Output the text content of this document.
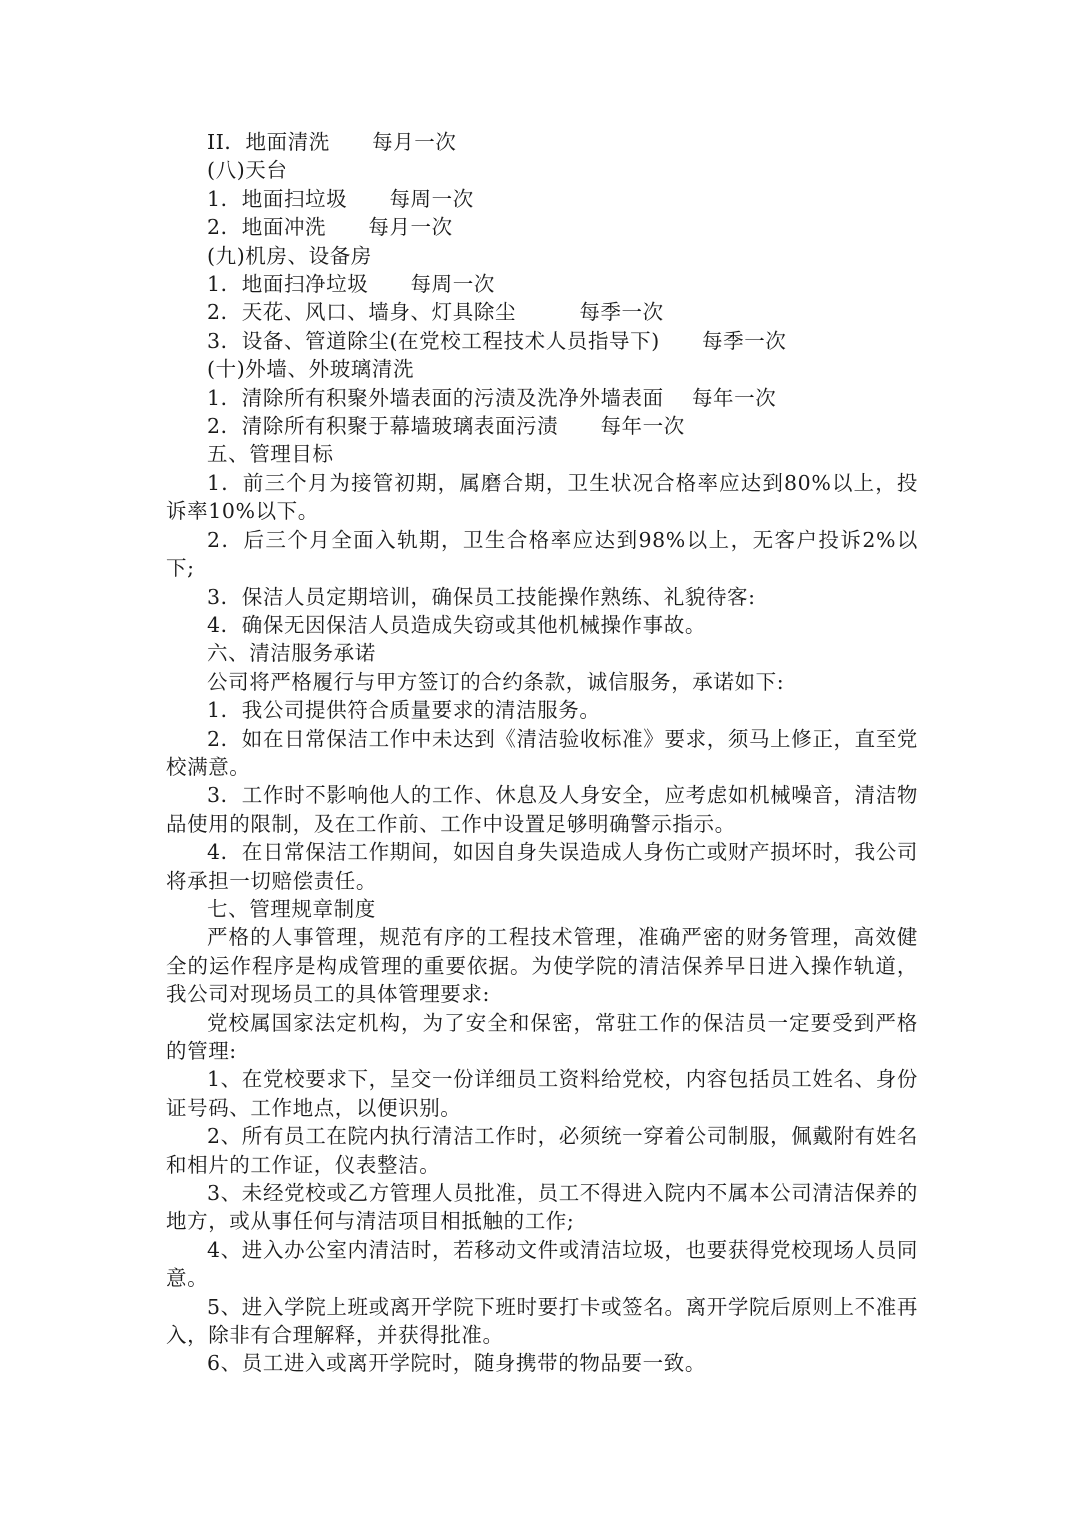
II．地面清洗　　每月一次

(八)天台

1．地面扫垃圾　　每周一次

2．地面冲洗　　每月一次

(九)机房、设备房

1．地面扫净垃圾　　每周一次

2．天花、风口、墙身、灯具除尘　　　每季一次

3．设备、管道除尘(在党校工程技术人员指导下)　　每季一次

(十)外墙、外玻璃清洗

1．清除所有积聚外墙表面的污渍及洗净外墙表面　 每年一次

2．清除所有积聚于幕墙玻璃表面污渍　　每年一次

五、管理目标

1．前三个月为接管初期，属磨合期，卫生状况合格率应达到80%以上，投诉率10%以下。

2．后三个月全面入轨期，卫生合格率应达到98%以上，无客户投诉2%以下;

3．保洁人员定期培训，确保员工技能操作熟练、礼貌待客:

4．确保无因保洁人员造成失窃或其他机械操作事故。

六、清洁服务承诺

公司将严格履行与甲方签订的合约条款，诚信服务，承诺如下:

1．我公司提供符合质量要求的清洁服务。

2．如在日常保洁工作中未达到《清洁验收标准》要求，须马上修正，直至党校满意。

3．工作时不影响他人的工作、休息及人身安全，应考虑如机械噪音，清洁物品使用的限制，及在工作前、工作中设置足够明确警示指示。

4．在日常保洁工作期间，如因自身失误造成人身伤亡或财产损坏时，我公司将承担一切赔偿责任。

七、管理规章制度

严格的人事管理，规范有序的工程技术管理，准确严密的财务管理，高效健全的运作程序是构成管理的重要依据。为使学院的清洁保养早日进入操作轨道，我公司对现场员工的具体管理要求:

党校属国家法定机构，为了安全和保密，常驻工作的保洁员一定要受到严格的管理:

1、在党校要求下，呈交一份详细员工资料给党校，内容包括员工姓名、身份证号码、工作地点，以便识别。

2、所有员工在院内执行清洁工作时，必须统一穿着公司制服，佩戴附有姓名和相片的工作证，仪表整洁。

3、未经党校或乙方管理人员批准，员工不得进入院内不属本公司清洁保养的地方，或从事任何与清洁项目相抵触的工作;

4、进入办公室内清洁时，若移动文件或清洁垃圾，也要获得党校现场人员同意。

5、进入学院上班或离开学院下班时要打卡或签名。离开学院后原则上不准再入，除非有合理解释，并获得批准。

6、员工进入或离开学院时，随身携带的物品要一致。
